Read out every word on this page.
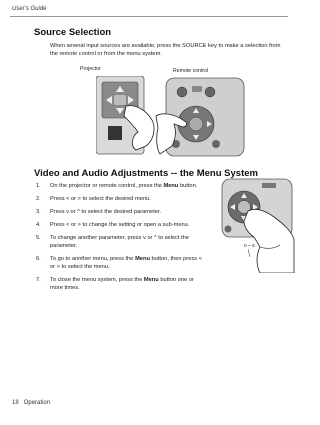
User's Guide
Source Selection
When several input sources are available, press the SOURCE key to make a selection from the remote control or from the menu system.
Projector	Remote control
Video and Audio Adjustments -- the Menu System
1. On the projector or remote control, press the Menu button.
2. Press < or > to select the desired menu.
3. Press v or ^ to select the desired parameter.
4. Press < or > to change the setting or open a sub-menu.
5. To change another parameter, press v or ^ to select the parameter.
6. To go to another menu, press the Menu button, then press < or > to select the menu.
7. To close the menu system, press the Menu button one or more times.
0 ~ 6
18 Operation
